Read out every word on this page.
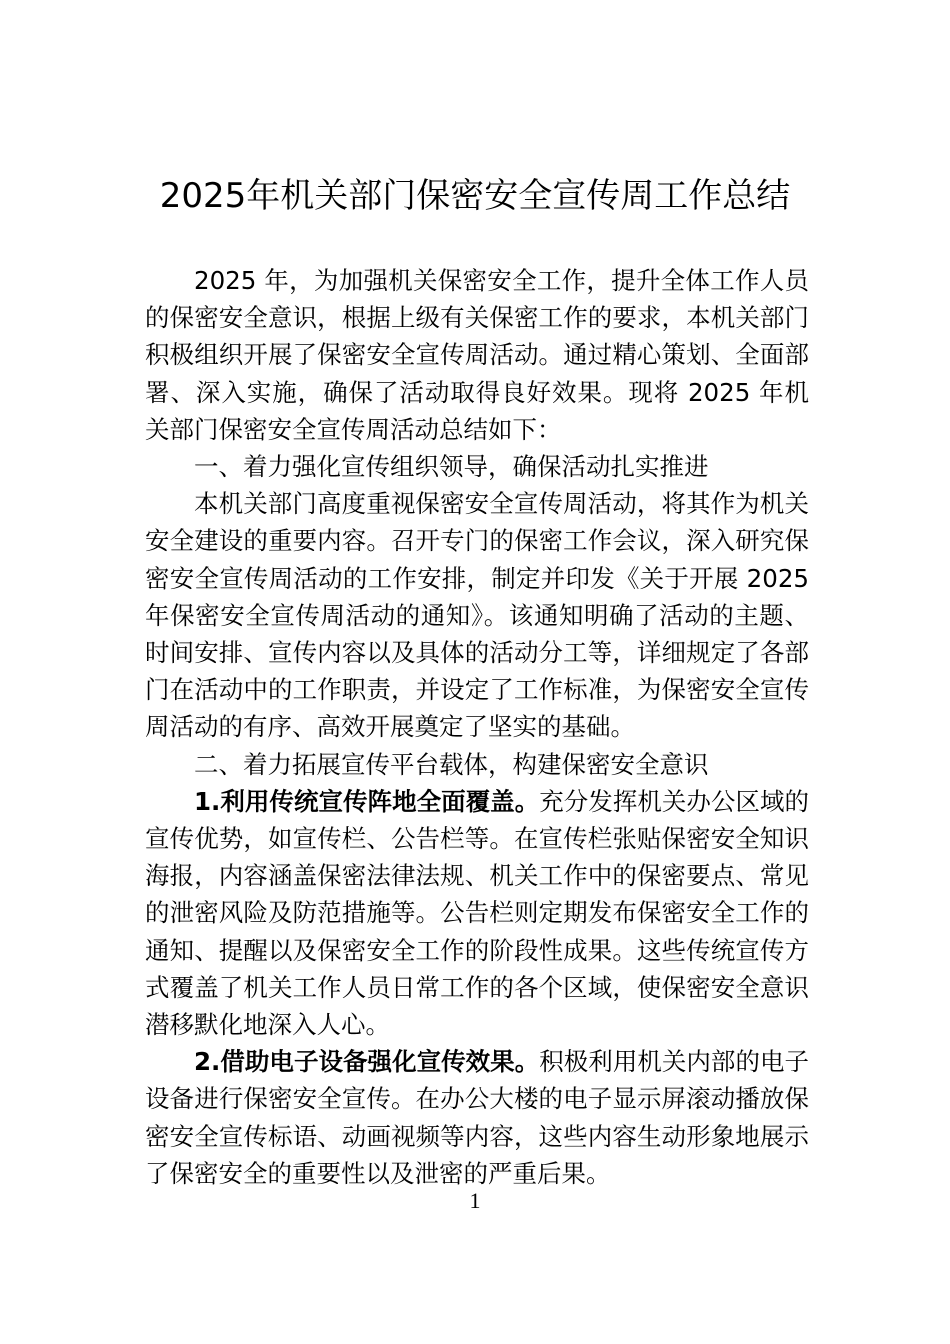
2025年机关部门保密安全宣传周工作总结

2025 年，为加强机关保密安全工作，提升全体工作人员的保密安全意识，根据上级有关保密工作的要求，本机关部门积极组织开展了保密安全宣传周活动。通过精心策划、全面部署、深入实施，确保了活动取得良好效果。现将 2025 年机关部门保密安全宣传周活动总结如下：

一、着力强化宣传组织领导，确保活动扎实推进

本机关部门高度重视保密安全宣传周活动，将其作为机关安全建设的重要内容。召开专门的保密工作会议，深入研究保密安全宣传周活动的工作安排，制定并印发《关于开展 2025 年保密安全宣传周活动的通知》。该通知明确了活动的主题、时间安排、宣传内容以及具体的活动分工等，详细规定了各部门在活动中的工作职责，并设定了工作标准，为保密安全宣传周活动的有序、高效开展奠定了坚实的基础。

二、着力拓展宣传平台载体，构建保密安全意识

1.利用传统宣传阵地全面覆盖。充分发挥机关办公区域的宣传优势，如宣传栏、公告栏等。在宣传栏张贴保密安全知识海报，内容涵盖保密法律法规、机关工作中的保密要点、常见的泄密风险及防范措施等。公告栏则定期发布保密安全工作的通知、提醒以及保密安全工作的阶段性成果。这些传统宣传方式覆盖了机关工作人员日常工作的各个区域，使保密安全意识潜移默化地深入人心。

2.借助电子设备强化宣传效果。积极利用机关内部的电子设备进行保密安全宣传。在办公大楼的电子显示屏滚动播放保密安全宣传标语、动画视频等内容，这些内容生动形象地展示了保密安全的重要性以及泄密的严重后果。

1
